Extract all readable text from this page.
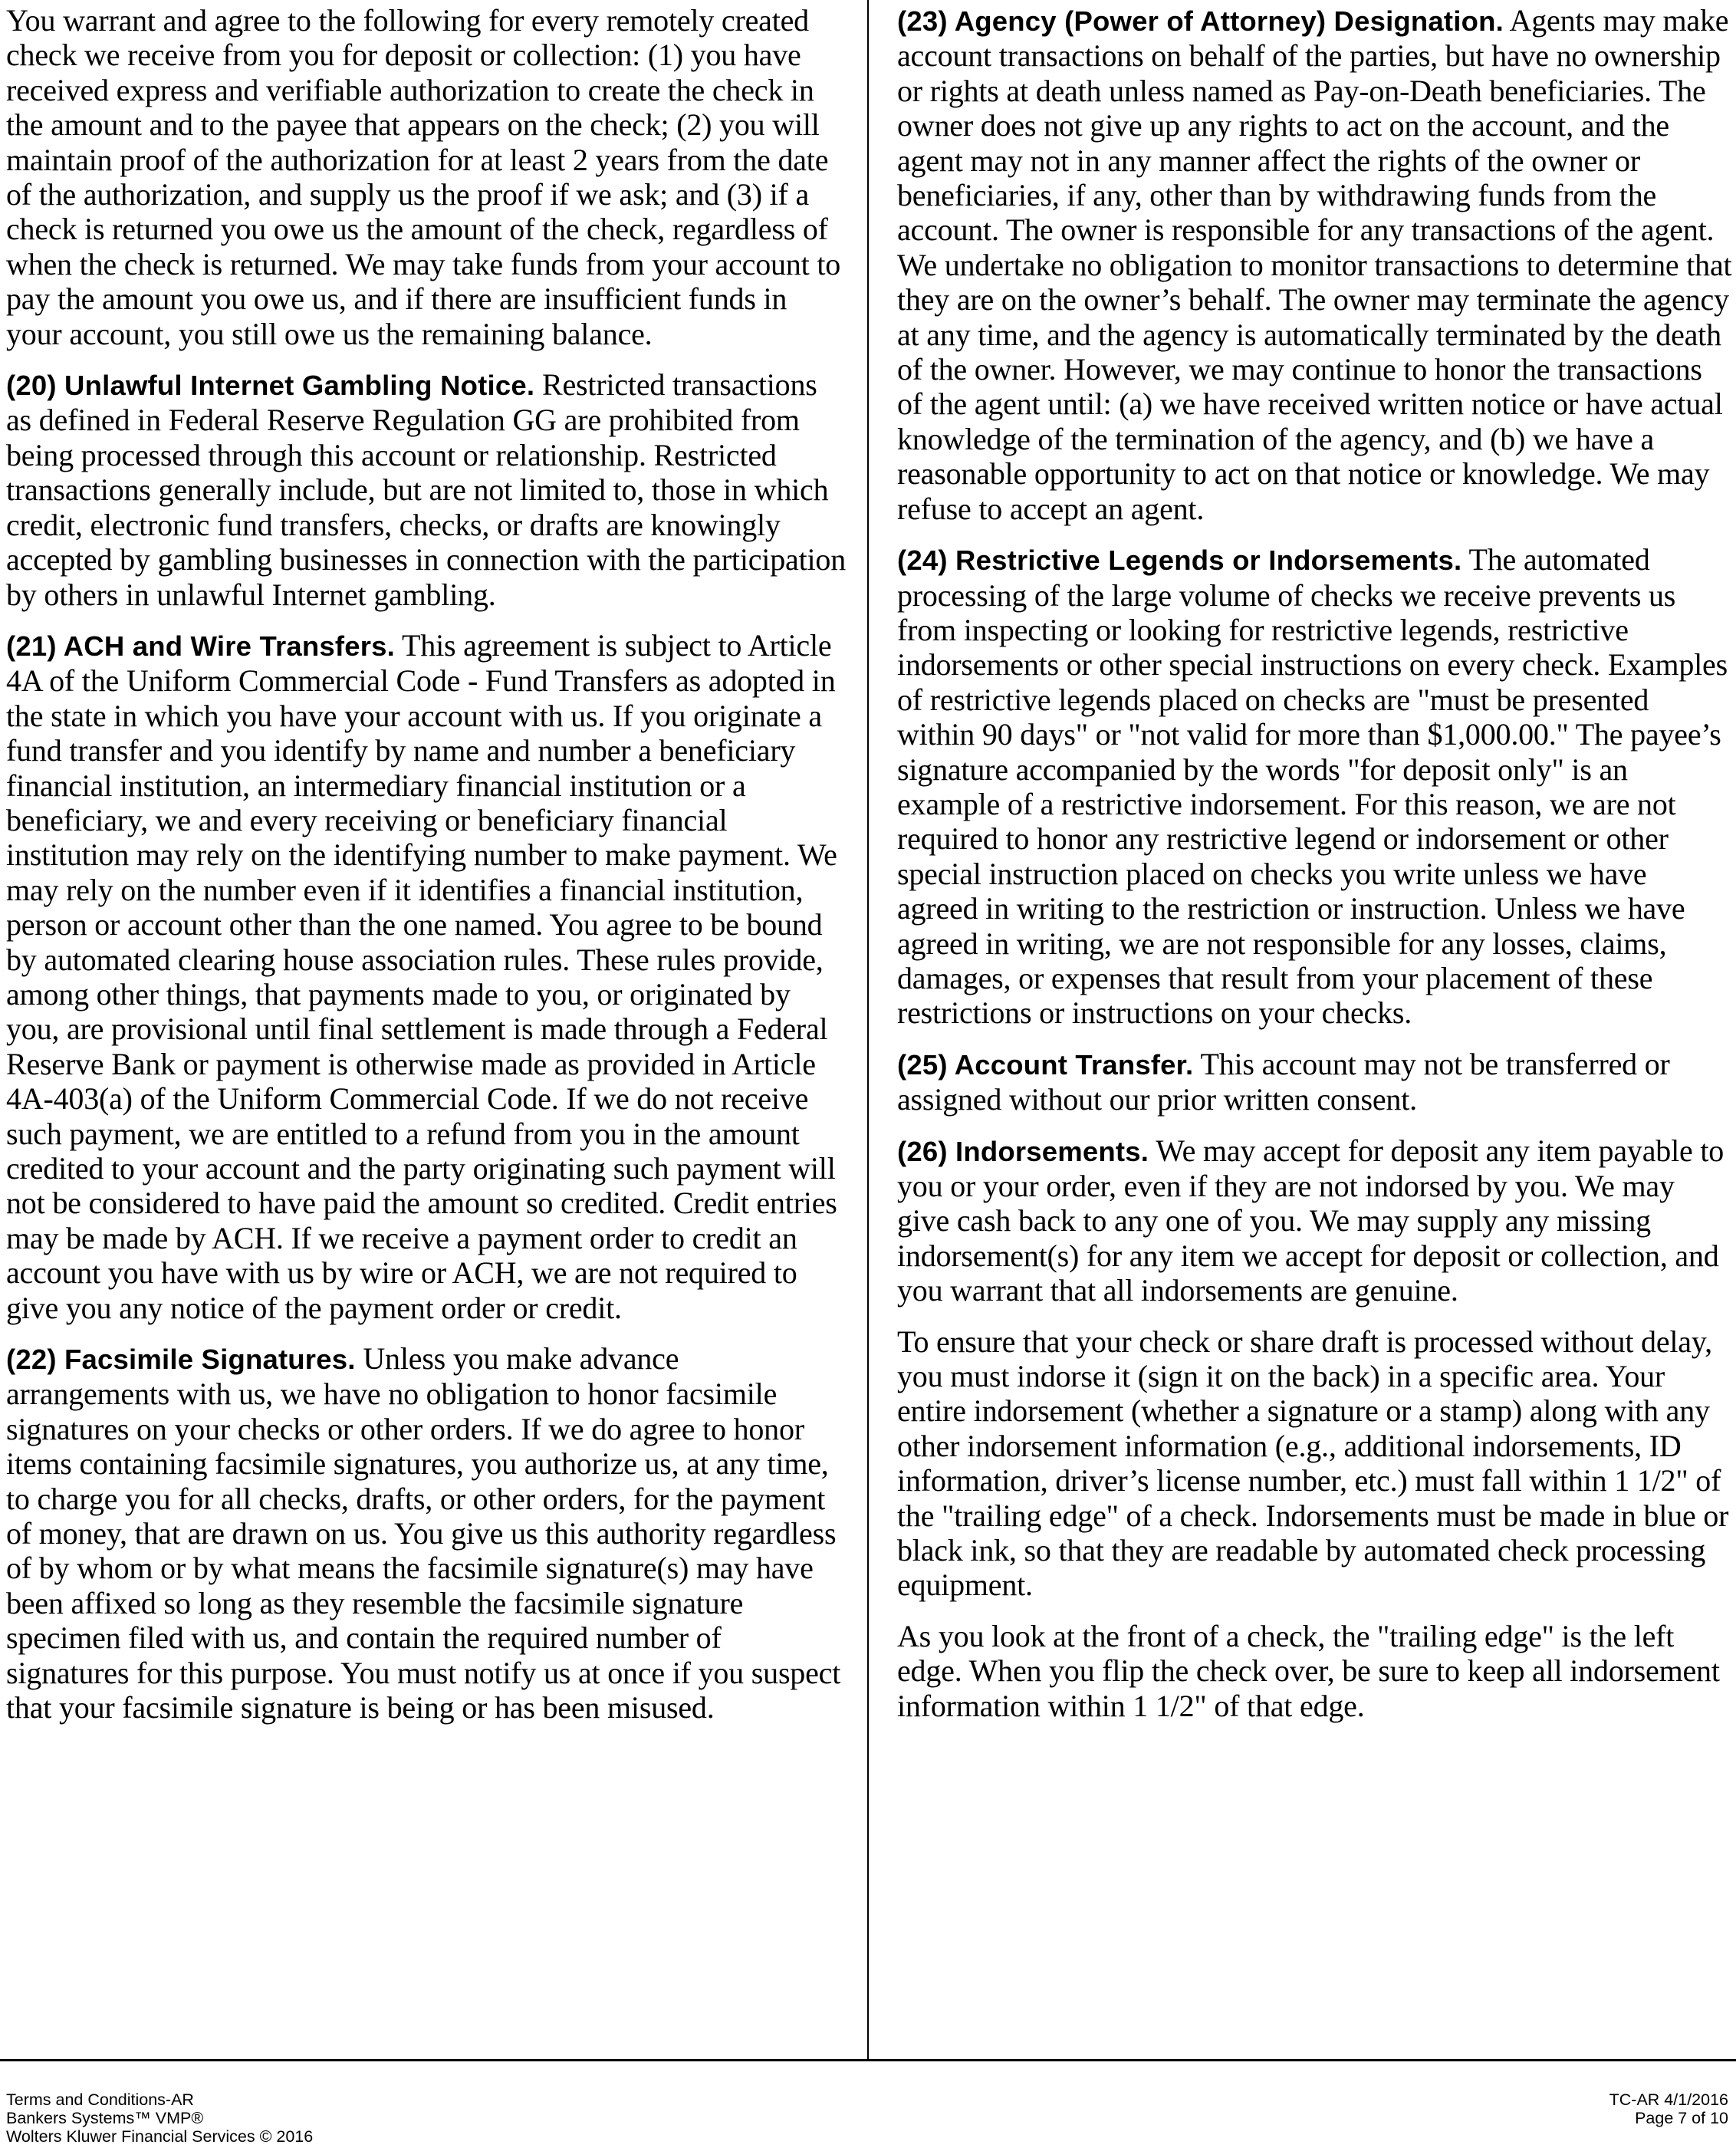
You warrant and agree to the following for every remotely created check we receive from you for deposit or collection: (1) you have received express and verifiable authorization to create the check in the amount and to the payee that appears on the check; (2) you will maintain proof of the authorization for at least 2 years from the date of the authorization, and supply us the proof if we ask; and (3) if a check is returned you owe us the amount of the check, regardless of when the check is returned. We may take funds from your account to pay the amount you owe us, and if there are insufficient funds in your account, you still owe us the remaining balance.

(20) Unlawful Internet Gambling Notice. Restricted transactions as defined in Federal Reserve Regulation GG are prohibited from being processed through this account or relationship. Restricted transactions generally include, but are not limited to, those in which credit, electronic fund transfers, checks, or drafts are knowingly accepted by gambling businesses in connection with the participation by others in unlawful Internet gambling.

(21) ACH and Wire Transfers. This agreement is subject to Article 4A of the Uniform Commercial Code - Fund Transfers as adopted in the state in which you have your account with us. If you originate a fund transfer and you identify by name and number a beneficiary financial institution, an intermediary financial institution or a beneficiary, we and every receiving or beneficiary financial institution may rely on the identifying number to make payment. We may rely on the number even if it identifies a financial institution, person or account other than the one named. You agree to be bound by automated clearing house association rules. These rules provide, among other things, that payments made to you, or originated by you, are provisional until final settlement is made through a Federal Reserve Bank or payment is otherwise made as provided in Article 4A-403(a) of the Uniform Commercial Code. If we do not receive such payment, we are entitled to a refund from you in the amount credited to your account and the party originating such payment will not be considered to have paid the amount so credited. Credit entries may be made by ACH. If we receive a payment order to credit an account you have with us by wire or ACH, we are not required to give you any notice of the payment order or credit.

(22) Facsimile Signatures. Unless you make advance arrangements with us, we have no obligation to honor facsimile signatures on your checks or other orders. If we do agree to honor items containing facsimile signatures, you authorize us, at any time, to charge you for all checks, drafts, or other orders, for the payment of money, that are drawn on us. You give us this authority regardless of by whom or by what means the facsimile signature(s) may have been affixed so long as they resemble the facsimile signature specimen filed with us, and contain the required number of signatures for this purpose. You must notify us at once if you suspect that your facsimile signature is being or has been misused.

(23) Agency (Power of Attorney) Designation. Agents may make account transactions on behalf of the parties, but have no ownership or rights at death unless named as Pay-on-Death beneficiaries. The owner does not give up any rights to act on the account, and the agent may not in any manner affect the rights of the owner or beneficiaries, if any, other than by withdrawing funds from the account. The owner is responsible for any transactions of the agent. We undertake no obligation to monitor transactions to determine that they are on the owner’s behalf. The owner may terminate the agency at any time, and the agency is automatically terminated by the death of the owner. However, we may continue to honor the transactions of the agent until: (a) we have received written notice or have actual knowledge of the termination of the agency, and (b) we have a reasonable opportunity to act on that notice or knowledge. We may refuse to accept an agent.

(24) Restrictive Legends or Indorsements. The automated processing of the large volume of checks we receive prevents us from inspecting or looking for restrictive legends, restrictive indorsements or other special instructions on every check. Examples of restrictive legends placed on checks are "must be presented within 90 days" or "not valid for more than $1,000.00." The payee’s signature accompanied by the words "for deposit only" is an example of a restrictive indorsement. For this reason, we are not required to honor any restrictive legend or indorsement or other special instruction placed on checks you write unless we have agreed in writing to the restriction or instruction. Unless we have agreed in writing, we are not responsible for any losses, claims, damages, or expenses that result from your placement of these restrictions or instructions on your checks.

(25) Account Transfer. This account may not be transferred or assigned without our prior written consent.

(26) Indorsements. We may accept for deposit any item payable to you or your order, even if they are not indorsed by you. We may give cash back to any one of you. We may supply any missing indorsement(s) for any item we accept for deposit or collection, and you warrant that all indorsements are genuine.

To ensure that your check or share draft is processed without delay, you must indorse it (sign it on the back) in a specific area. Your entire indorsement (whether a signature or a stamp) along with any other indorsement information (e.g., additional indorsements, ID information, driver’s license number, etc.) must fall within 1 1/2" of the "trailing edge" of a check. Indorsements must be made in blue or black ink, so that they are readable by automated check processing equipment.

As you look at the front of a check, the "trailing edge" is the left edge. When you flip the check over, be sure to keep all indorsement information within 1 1/2" of that edge.

Terms and Conditions-AR
Bankers Systems™ VMP®
Wolters Kluwer Financial Services © 2016
TC-AR 4/1/2016
Page 7 of 10
